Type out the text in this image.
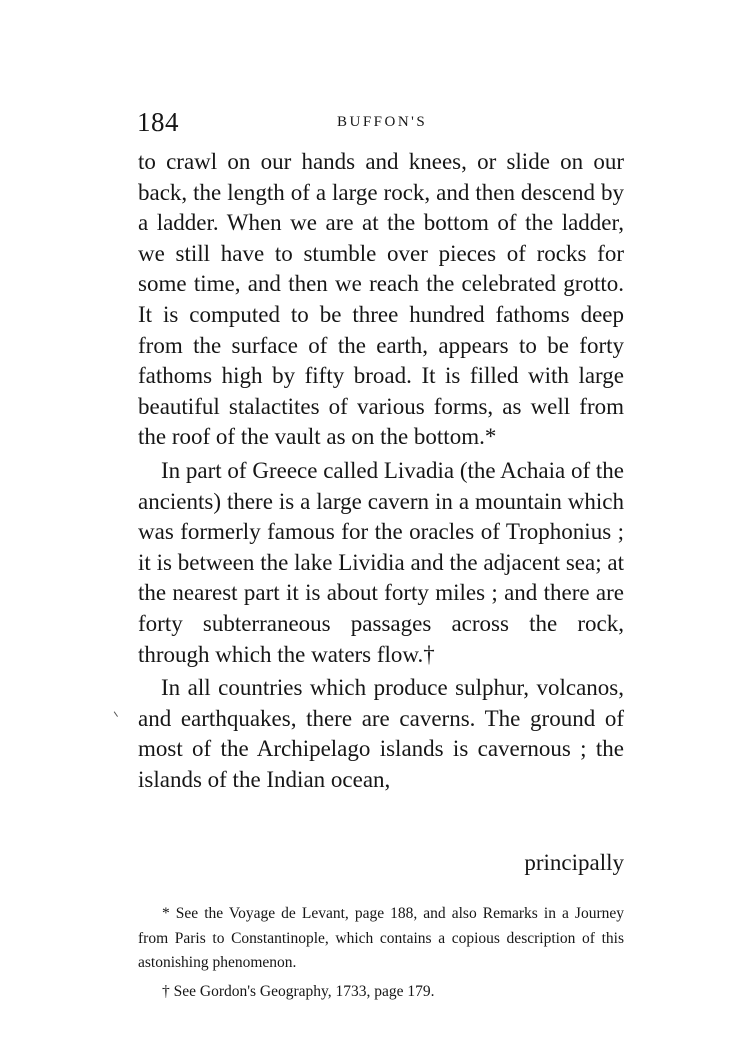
184	BUFFON'S

to crawl on our hands and knees, or slide on our back, the length of a large rock, and then descend by a ladder. When we are at the bottom of the ladder, we still have to stumble over pieces of rocks for some time, and then we reach the celebrated grotto. It is computed to be three hundred fathoms deep from the surface of the earth, appears to be forty fathoms high by fifty broad. It is filled with large beautiful stalactites of various forms, as well from the roof of the vault as on the bottom.*

In part of Greece called Livadia (the Achaia of the ancients) there is a large cavern in a mountain which was formerly famous for the oracles of Trophonius ; it is between the lake Lividia and the adjacent sea; at the nearest part it is about forty miles ; and there are forty subterraneous passages across the rock, through which the waters flow.†

In all countries which produce sulphur, volcanos, and earthquakes, there are caverns. The ground of most of the Archipelago islands is cavernous ; the islands of the Indian ocean,

principally

* See the Voyage de Levant, page 188, and also Remarks in a Journey from Paris to Constantinople, which contains a copious description of this astonishing phenomenon.

† See Gordon's Geography, 1733, page 179.
